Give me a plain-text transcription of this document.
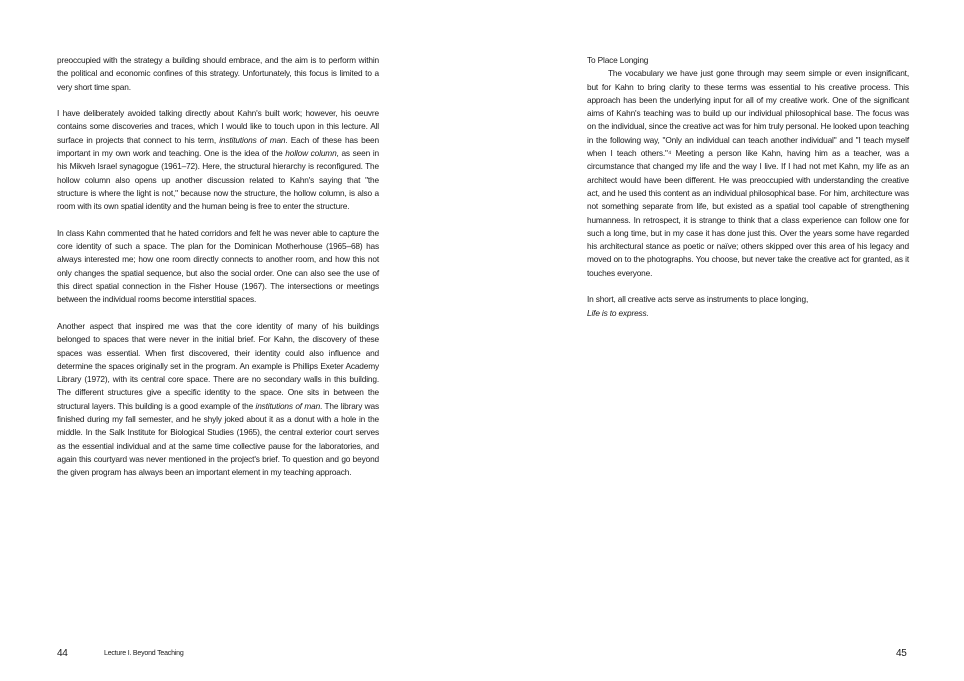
preoccupied with the strategy a building should embrace, and the aim is to perform within the political and economic confines of this strategy. Unfortunately, this focus is limited to a very short time span.

I have deliberately avoided talking directly about Kahn's built work; however, his oeuvre contains some discoveries and traces, which I would like to touch upon in this lecture. All surface in projects that connect to his term, institutions of man. Each of these has been important in my own work and teaching. One is the idea of the hollow column, as seen in his Mikveh Israel synagogue (1961–72). Here, the structural hierarchy is reconfigured. The hollow column also opens up another discussion related to Kahn's saying that "the structure is where the light is not," because now the structure, the hollow column, is also a room with its own spatial identity and the human being is free to enter the structure.

In class Kahn commented that he hated corridors and felt he was never able to capture the core identity of such a space. The plan for the Dominican Motherhouse (1965–68) has always interested me; how one room directly connects to another room, and how this not only changes the spatial sequence, but also the social order. One can also see the use of this direct spatial connection in the Fisher House (1967). The intersections or meetings between the individual rooms become interstitial spaces.

Another aspect that inspired me was that the core identity of many of his buildings belonged to spaces that were never in the initial brief. For Kahn, the discovery of these spaces was essential. When first discovered, their identity could also influence and determine the spaces originally set in the program. An example is Phillips Exeter Academy Library (1972), with its central core space. There are no secondary walls in this building. The different structures give a specific identity to the space. One sits in between the structural layers. This building is a good example of the institutions of man. The library was finished during my fall semester, and he shyly joked about it as a donut with a hole in the middle. In the Salk Institute for Biological Studies (1965), the central exterior court serves as the essential individual and at the same time collective pause for the laboratories, and again this courtyard was never mentioned in the project's brief. To question and go beyond the given program has always been an important element in my teaching approach.

44	Lecture I. Beyond Teaching

To Place Longing

The vocabulary we have just gone through may seem simple or even insignificant, but for Kahn to bring clarity to these terms was essential to his creative process. This approach has been the underlying input for all of my creative work. One of the significant aims of Kahn's teaching was to build up our individual philosophical base. The focus was on the individual, since the creative act was for him truly personal. He looked upon teaching in the following way, "Only an individual can teach another individual" and "I teach myself when I teach others."⁴ Meeting a person like Kahn, having him as a teacher, was a circumstance that changed my life and the way I live. If I had not met Kahn, my life as an architect would have been different. He was preoccupied with understanding the creative act, and he used this content as an individual philosophical base. For him, architecture was not something separate from life, but existed as a spatial tool capable of strengthening humanness. In retrospect, it is strange to think that a class experience can follow one for such a long time, but in my case it has done just this. Over the years some have regarded his architectural stance as poetic or naïve; others skipped over this area of his legacy and moved on to the photographs. You choose, but never take the creative act for granted, as it touches everyone.

In short, all creative acts serve as instruments to place longing,
Life is to express.

45
